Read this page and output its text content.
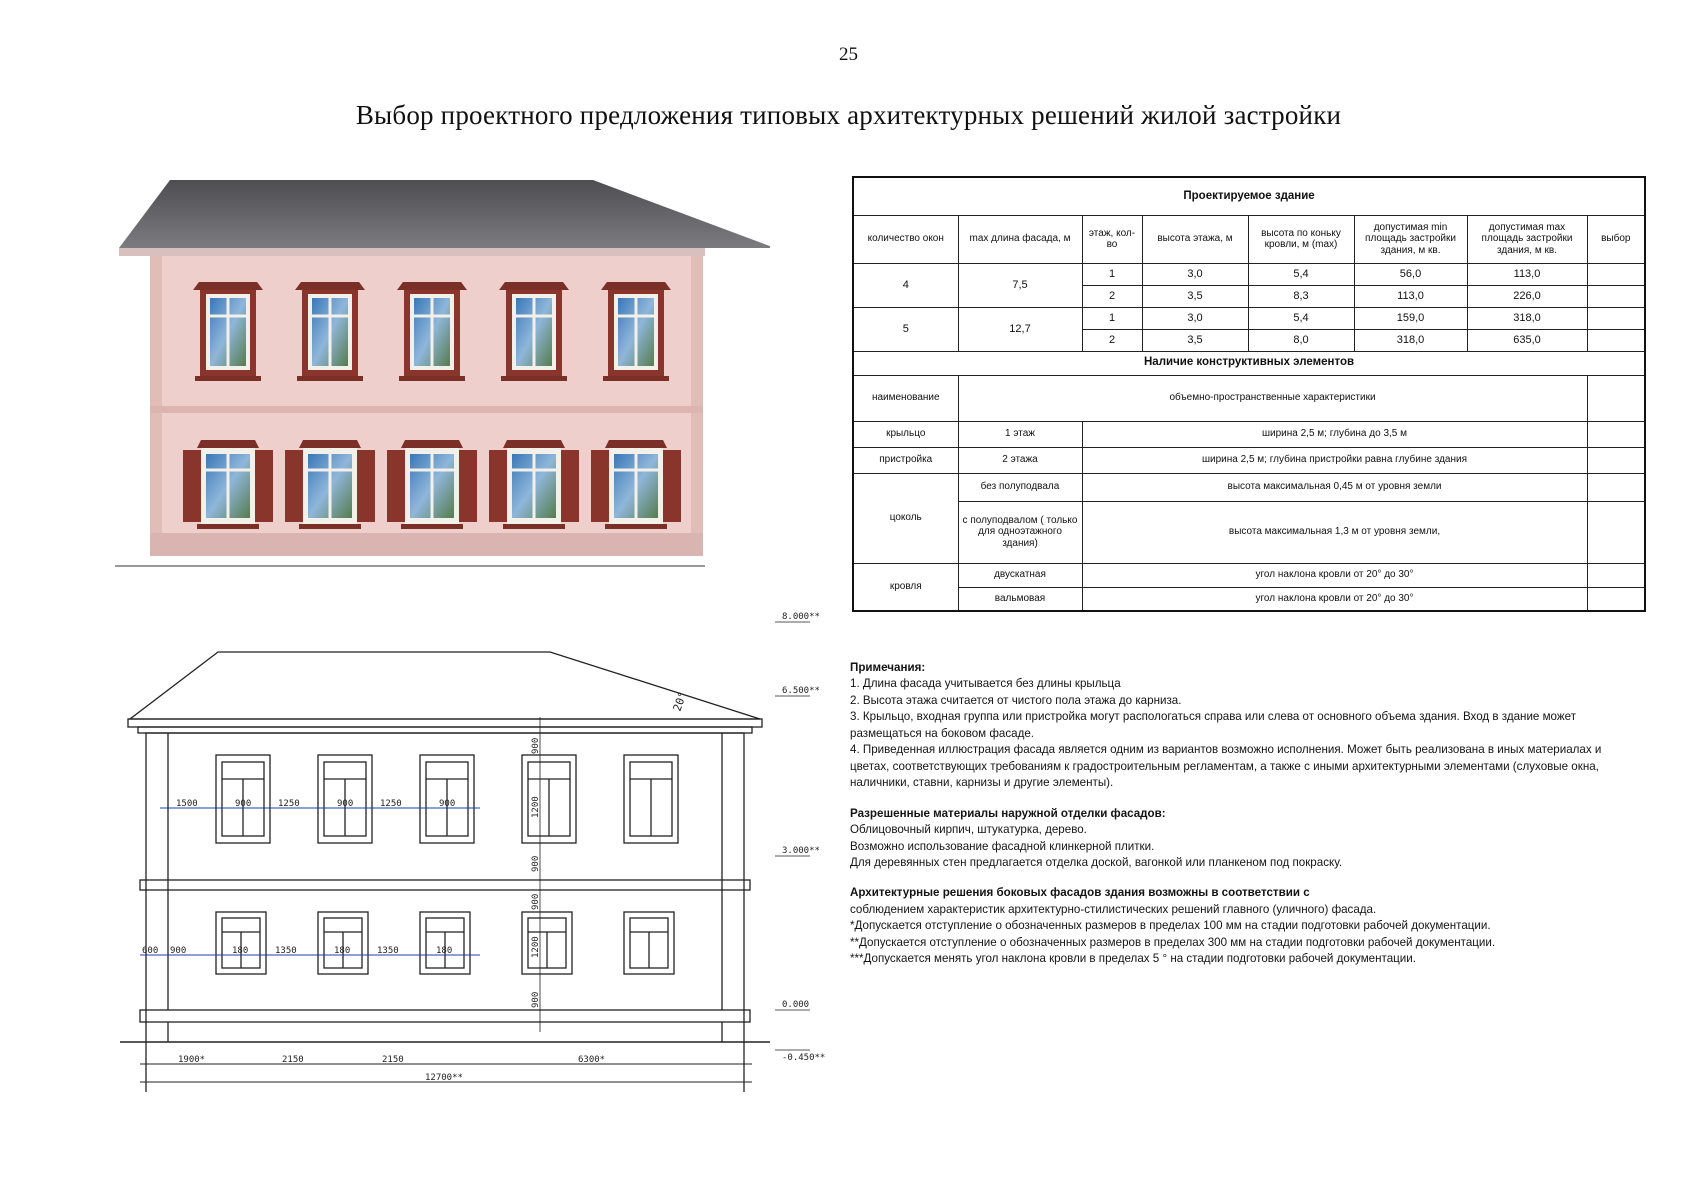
25
Выбор проектного предложения типовых архитектурных решений жилой застройки
8.000**
6.500**
3.000**
0.000
-0.450**
20°
1500	900	1250	900	1250	900
600 900	180	1350	180	1350	180
900
1200
900
900
1200
900
1900*	2150	2150	6300*
12700**
Проектируемое здание							
количество окон	max длина фасада, м	этаж, кол-во	высота этажа, м	высота по коньку кровли, м (max)	допустимая min площадь застройки здания, м кв.	допустимая max площадь застройки здания, м кв.	выбор
4	7,5	1	3,0	5,4	56,0	113,0	
		2	3,5	8,3	113,0	226,0	
5	12,7	1	3,0	5,4	159,0	318,0	
		2	3,5	8,0	318,0	635,0	
Наличие конструктивных элементов							
наименование	объемно-пространственные характеристики						
крыльцо	1 этаж	ширина 2,5 м; глубина до 3,5 м					
пристройка	2 этажа	ширина 2,5 м; глубина пристройки равна глубине здания					
цоколь	без полуподвала	высота максимальная 0,45 м от уровня земли					
	с полуподвалом ( только для одноэтажного здания)	высота максимальная 1,3 м от уровня земли,					
кровля	двускатная	угол наклона кровли от 20° до 30°					
	вальмовая	угол наклона кровли от 20° до 30°					

Примечания:

1. Длина фасада учитывается без длины крыльца

2. Высота этажа считается от чистого пола этажа до карниза.

3. Крыльцо, входная группа или пристройка могут распологаться справа или слева от основного объема здания. Вход в здание может размещаться на боковом фасаде.

4. Приведенная иллюстрация фасада является одним из вариантов возможно исполнения. Может быть реализована в иных материалах и цветах, соответствующих требованиям к градостроительным регламентам, а также с иными архитектурными элементами (слуховые окна, наличники, ставни, карнизы и другие элементы).

Разрешенные материалы наружной отделки фасадов:

Облицовочный кирпич, штукатурка, дерево.

Возможно использование фасадной клинкерной плитки.

Для деревянных стен предлагается отделка доской, вагонкой или планкеном под покраску.

Архитектурные решения боковых фасадов здания возможны в соответствии с

соблюдением характеристик архитектурно-стилистических решений главного (уличного) фасада.

*Допускается отступление о обозначенных размеров в пределах 100 мм на стадии подготовки рабочей документации.

**Допускается отступление о обозначенных размеров в пределах 300 мм на стадии подготовки рабочей документации.

***Допускается менять угол наклона кровли в пределах 5 ° на стадии подготовки рабочей документации.
